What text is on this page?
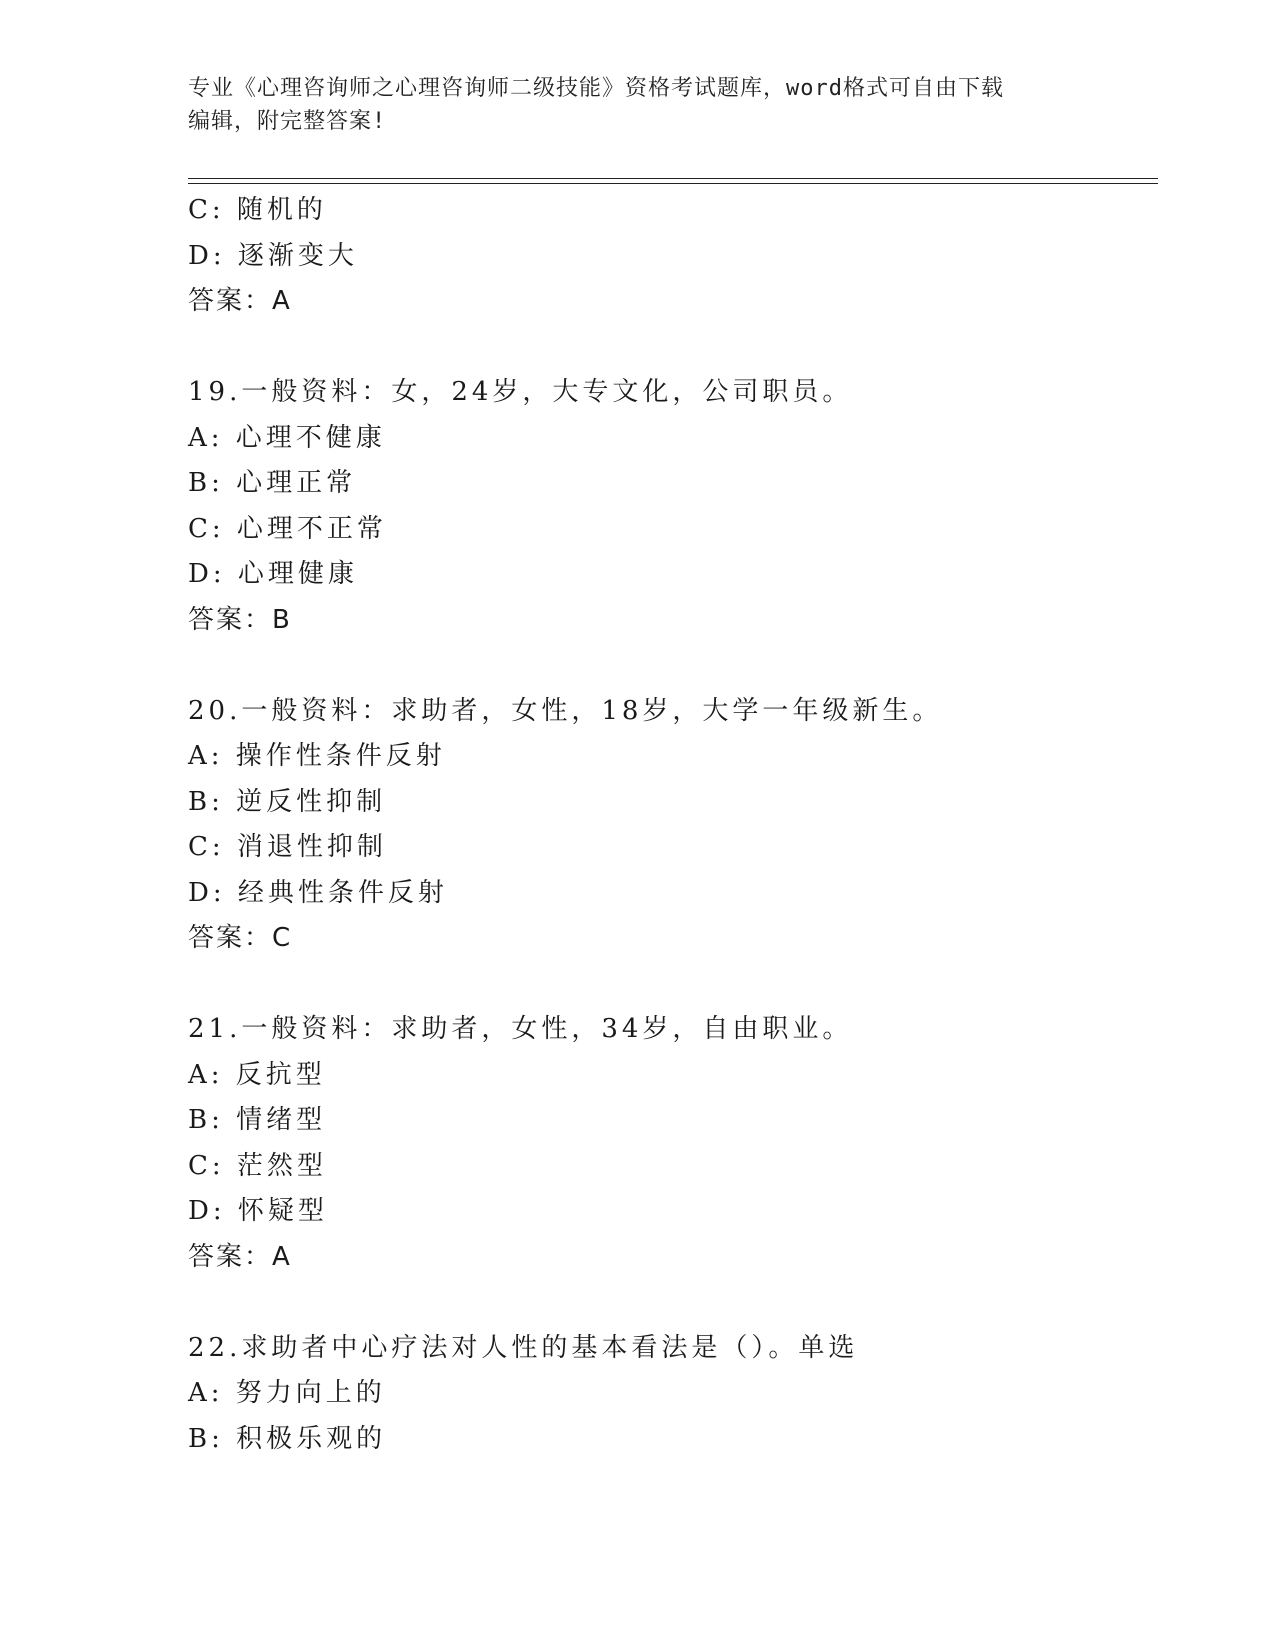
专业《心理咨询师之心理咨询师二级技能》资格考试题库，word格式可自由下载
编辑，附完整答案!
C: 随机的
D: 逐渐变大
答案：A
19.一般资料：女，24岁，大专文化，公司职员。
A: 心理不健康
B: 心理正常
C: 心理不正常
D: 心理健康
答案：B
20.一般资料：求助者，女性，18岁，大学一年级新生。
A: 操作性条件反射
B: 逆反性抑制
C: 消退性抑制
D: 经典性条件反射
答案：C
21.一般资料：求助者，女性，34岁，自由职业。
A: 反抗型
B: 情绪型
C: 茫然型
D: 怀疑型
答案：A
22.求助者中心疗法对人性的基本看法是（）。单选
A: 努力向上的
B: 积极乐观的
